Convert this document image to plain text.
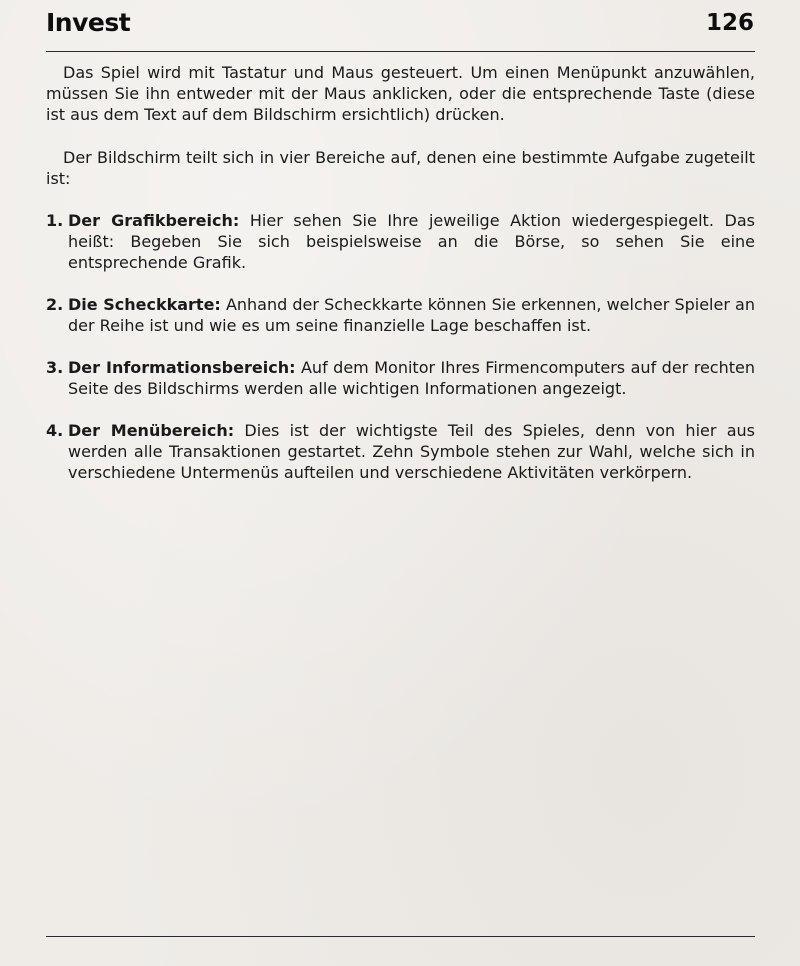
Invest	126

Das Spiel wird mit Tastatur und Maus gesteuert. Um einen Menüpunkt anzuwählen, müssen Sie ihn entweder mit der Maus anklicken, oder die entsprechende Taste (diese ist aus dem Text auf dem Bildschirm ersichtlich) drücken.

Der Bildschirm teilt sich in vier Bereiche auf, denen eine bestimmte Aufgabe zugeteilt ist:

1. Der Grafikbereich: Hier sehen Sie Ihre jeweilige Aktion wiedergespiegelt. Das heißt: Begeben Sie sich beispielsweise an die Börse, so sehen Sie eine entsprechende Grafik.
2. Die Scheckkarte: Anhand der Scheckkarte können Sie erkennen, welcher Spieler an der Reihe ist und wie es um seine finanzielle Lage beschaffen ist.
3. Der Informationsbereich: Auf dem Monitor Ihres Firmencomputers auf der rechten Seite des Bildschirms werden alle wichtigen Informationen angezeigt.
4. Der Menübereich: Dies ist der wichtigste Teil des Spieles, denn von hier aus werden alle Transaktionen gestartet. Zehn Symbole stehen zur Wahl, welche sich in verschiedene Untermenüs aufteilen und verschiedene Aktivitäten verkörpern.
